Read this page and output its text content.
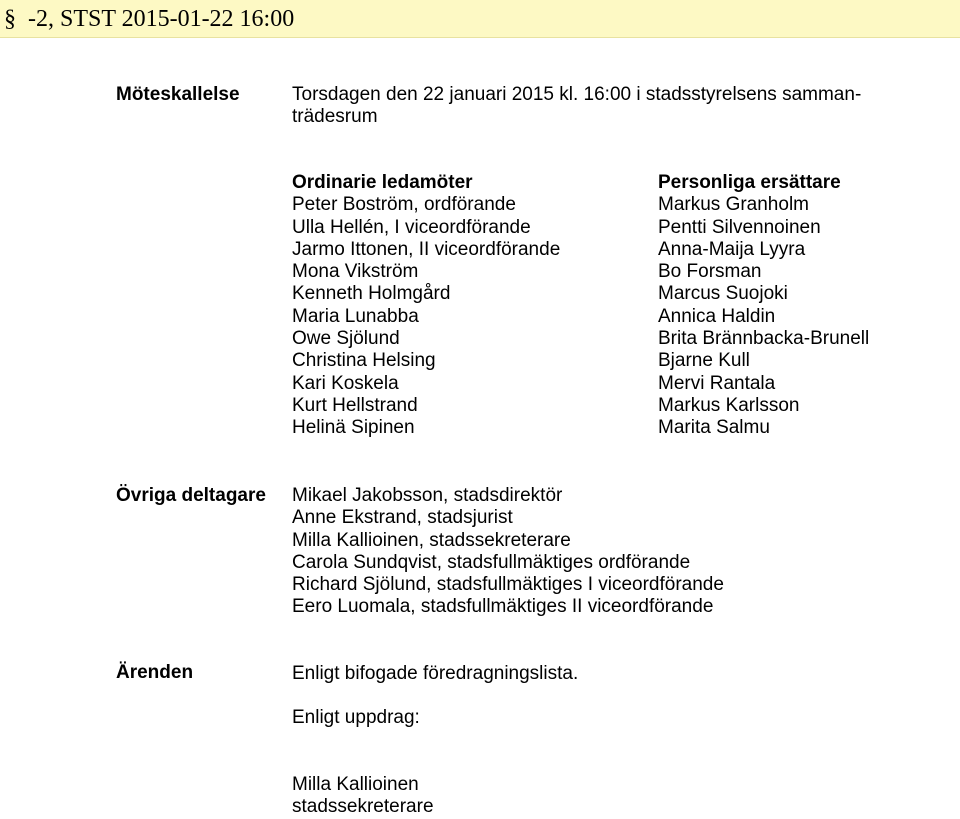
§ -2, STST 2015-01-22 16:00
Möteskallelse	Torsdagen den 22 januari 2015 kl. 16:00 i stadsstyrelsens samman-
trädesrum
Ordinarie ledamöter
Peter Boström, ordförande
Ulla Hellén, I viceordförande
Jarmo Ittonen, II viceordförande
Mona Vikström
Kenneth Holmgård
Maria Lunabba
Owe Sjölund
Christina Helsing
Kari Koskela
Kurt Hellstrand
Helinä Sipinen
Personliga ersättare
Markus Granholm
Pentti Silvennoinen
Anna-Maija Lyyra
Bo Forsman
Marcus Suojoki
Annica Haldin
Brita Brännbacka-Brunell
Bjarne Kull
Mervi Rantala
Markus Karlsson
Marita Salmu
Övriga deltagare Mikael Jakobsson, stadsdirektör
Anne Ekstrand, stadsjurist
Milla Kallioinen, stadssekreterare
Carola Sundqvist, stadsfullmäktiges ordförande
Richard Sjölund, stadsfullmäktiges I viceordförande
Eero Luomala, stadsfullmäktiges II viceordförande
Ärenden	Enligt bifogade föredragningslista.
Enligt uppdrag:
Milla Kallioinen
stadssekreterare
